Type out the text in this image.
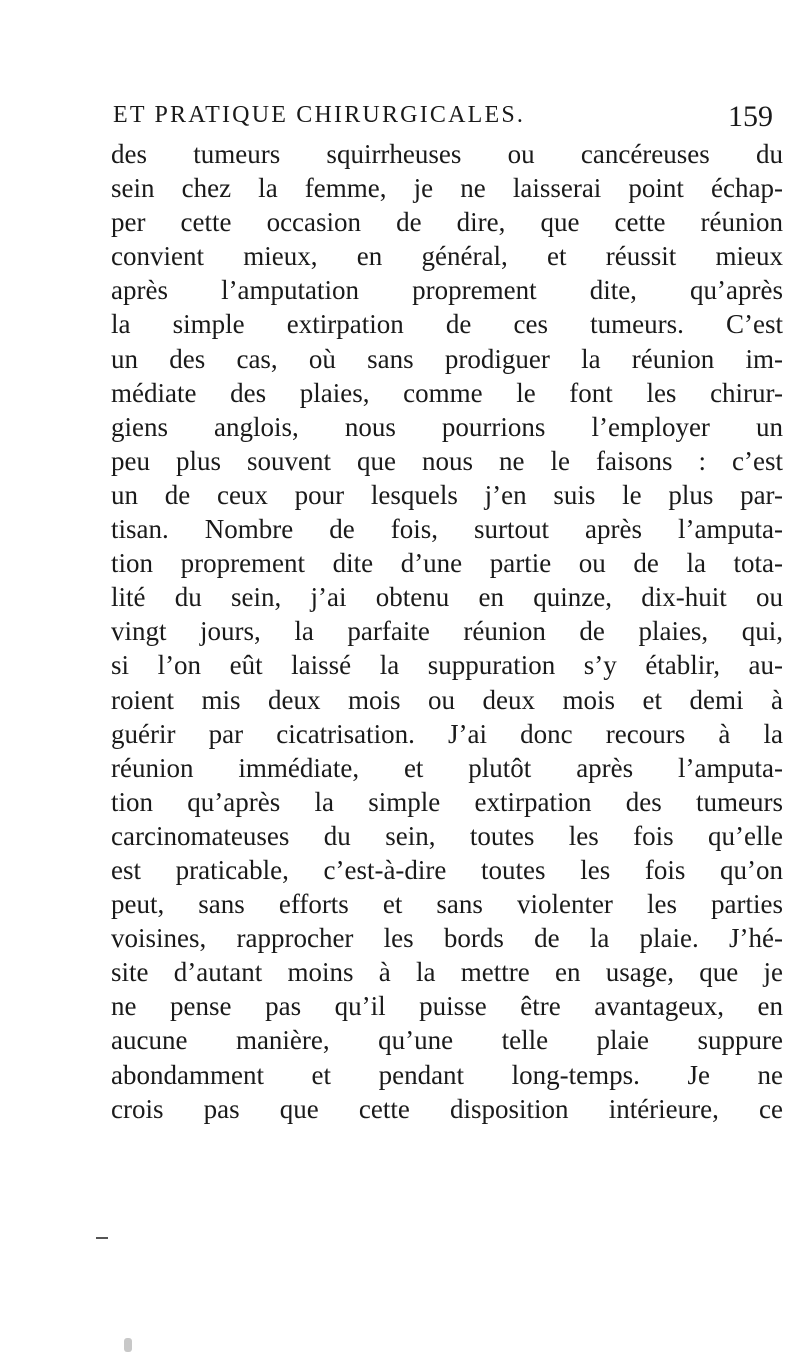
ET PRATIQUE CHIRURGICALES.	159
des tumeurs squirrheuses ou cancéreuses du
sein chez la femme, je ne laisserai point échap-
per cette occasion de dire, que cette réunion
convient mieux, en général, et réussit mieux
après l’amputation proprement dite, qu’après
la simple extirpation de ces tumeurs. C’est
un des cas, où sans prodiguer la réunion im-
médiate des plaies, comme le font les chirur-
giens anglois, nous pourrions l’employer un
peu plus souvent que nous ne le faisons : c’est
un de ceux pour lesquels j’en suis le plus par-
tisan. Nombre de fois, surtout après l’amputa-
tion proprement dite d’une partie ou de la tota-
lité du sein, j’ai obtenu en quinze, dix-huit ou
vingt jours, la parfaite réunion de plaies, qui,
si l’on eût laissé la suppuration s’y établir, au-
roient mis deux mois ou deux mois et demi à
guérir par cicatrisation. J’ai donc recours à la
réunion immédiate, et plutôt après l’amputa-
tion qu’après la simple extirpation des tumeurs
carcinomateuses du sein, toutes les fois qu’elle
est praticable, c’est-à-dire toutes les fois qu’on
peut, sans efforts et sans violenter les parties
voisines, rapprocher les bords de la plaie. J’hé-
site d’autant moins à la mettre en usage, que je
ne pense pas qu’il puisse être avantageux, en
aucune manière, qu’une telle plaie suppure
abondamment et pendant long-temps. Je ne
crois pas que cette disposition intérieure, ce
